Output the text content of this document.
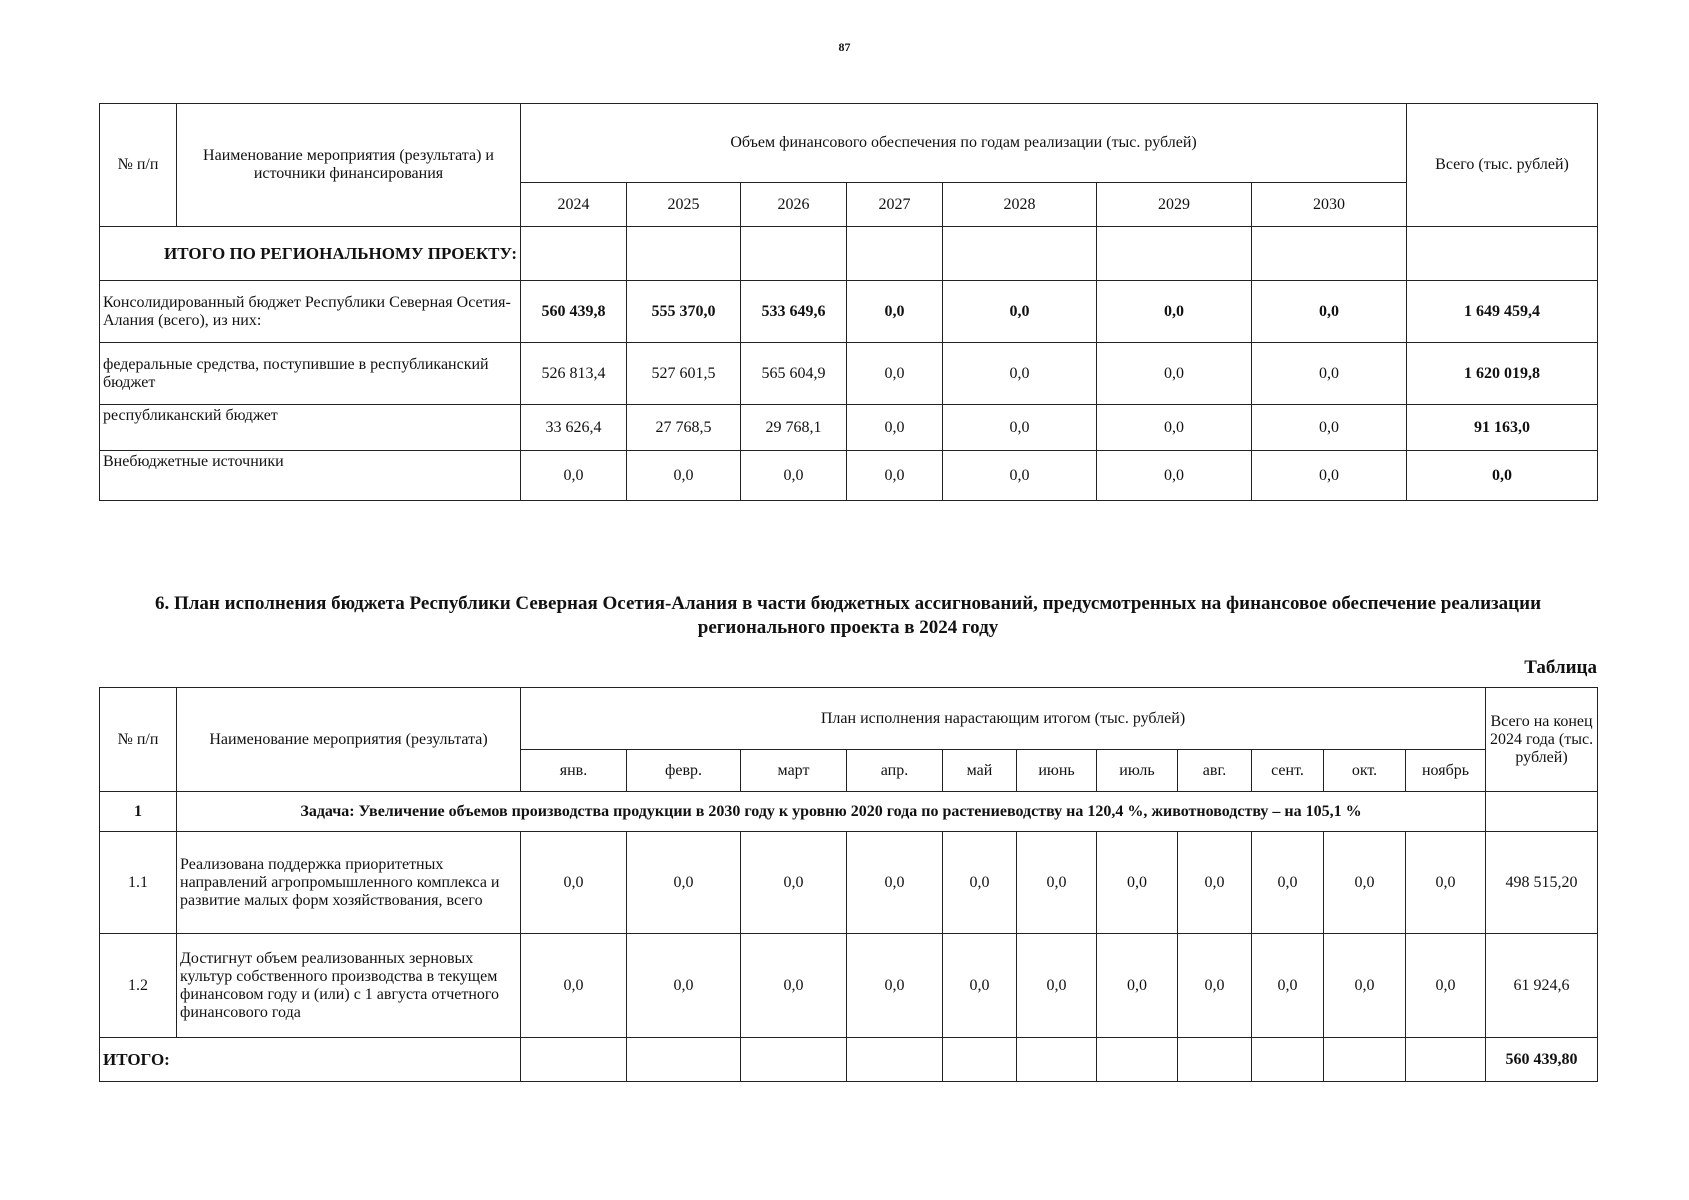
87
№ п/п	Наименование мероприятия (результата) и источники финансирования	Объем финансового обеспечения по годам реализации (тыс. рублей)							Всего (тыс. рублей)
		2024	2025	2026	2027	2028	2029	2030	
ИТОГО ПО РЕГИОНАЛЬНОМУ ПРОЕКТУ:									
Консолидированный бюджет Республики Северная Осетия-Алания (всего), из них:		560 439,8	555 370,0	533 649,6	0,0	0,0	0,0	0,0	1 649 459,4
федеральные средства, поступившие в республиканский бюджет		526 813,4	527 601,5	565 604,9	0,0	0,0	0,0	0,0	1 620 019,8
республиканский бюджет		33 626,4	27 768,5	29 768,1	0,0	0,0	0,0	0,0	91 163,0
Внебюджетные источники		0,0	0,0	0,0	0,0	0,0	0,0	0,0	0,0
6. План исполнения бюджета Республики Северная Осетия-Алания в части бюджетных ассигнований, предусмотренных на финансовое обеспечение реализации регионального проекта в 2024 году
Таблица
№ п/п	Наименование мероприятия (результата)	План исполнения нарастающим итогом (тыс. рублей)											Всего на конец 2024 года (тыс. рублей)
		янв.	февр.	март	апр.	май	июнь	июль	авг.	сент.	окт.	ноябрь	
1	Задача: Увеличение объемов производства продукции в 2030 году к уровню 2020 года по растениеводству на 120,4 %, животноводству – на 105,1 %												
1.1	Реализована поддержка приоритетных направлений агропромышленного комплекса и развитие малых форм хозяйствования, всего	0,0	0,0	0,0	0,0	0,0	0,0	0,0	0,0	0,0	0,0	0,0	498 515,20
1.2	Достигнут объем реализованных зерновых культур собственного производства в текущем финансовом году и (или) с 1 августа отчетного финансового года	0,0	0,0	0,0	0,0	0,0	0,0	0,0	0,0	0,0	0,0	0,0	61 924,6
ИТОГО:													560 439,80
